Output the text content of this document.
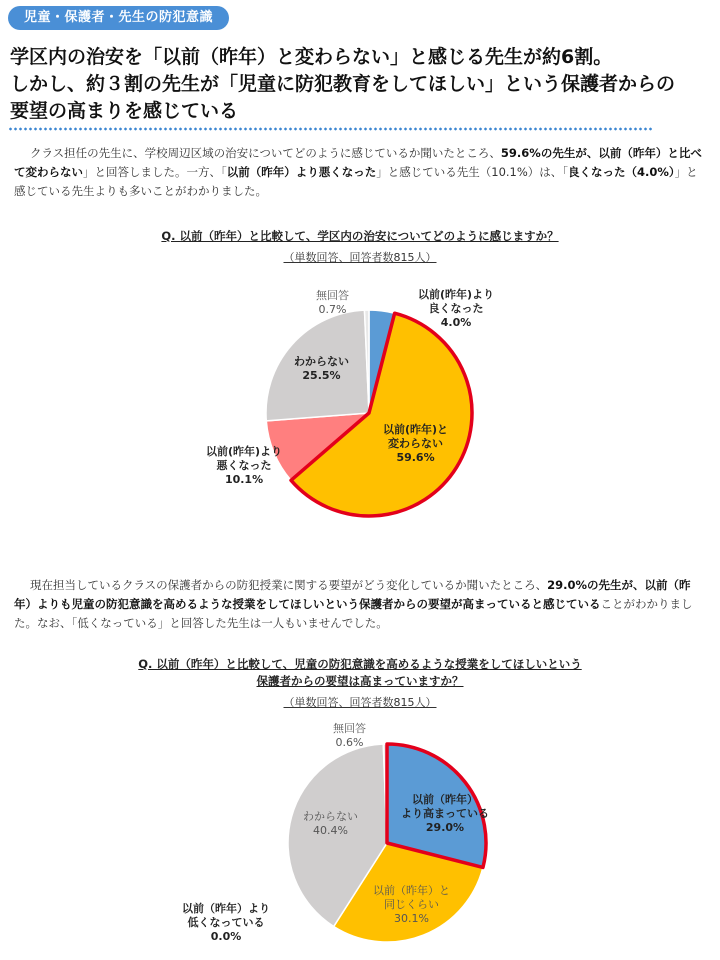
児童・保護者・先生の防犯意識
学区内の治安を「以前（昨年）と変わらない」と感じる先生が約6割。
しかし、約３割の先生が「児童に防犯教育をしてほしい」という保護者からの
要望の高まりを感じている
クラス担任の先生に、学校周辺区域の治安についてどのように感じているか聞いたところ、59.6%の先生が、以前（昨年）と比べて変わらない」と回答しました。一方、「以前（昨年）より悪くなった」と感じている先生（10.1%）は、「良くなった（4.0%）」と感じている先生よりも多いことがわかりました。
Q. 以前（昨年）と比較して、学区内の治安についてどのように感じますか？
（単数回答、回答者数815人）
無回答
0.7%
以前(昨年)より
良くなった
4.0%
わからない
25.5%
以前(昨年)と
変わらない
59.6%
以前(昨年)より
悪くなった
10.1%
現在担当しているクラスの保護者からの防犯授業に関する要望がどう変化しているか聞いたところ、29.0%の先生が、以前（昨年）よりも児童の防犯意識を高めるような授業をしてほしいという保護者からの要望が高まっていると感じていることがわかりました。なお、「低くなっている」と回答した先生は一人もいませんでした。
Q. 以前（昨年）と比較して、児童の防犯意識を高めるような授業をしてほしいという
保護者からの要望は高まっていますか？
（単数回答、回答者数815人）
無回答
0.6%
以前（昨年）
より高まっている
29.0%
わからない
40.4%
以前（昨年）と
同じくらい
30.1%
以前（昨年）より
低くなっている
0.0%
